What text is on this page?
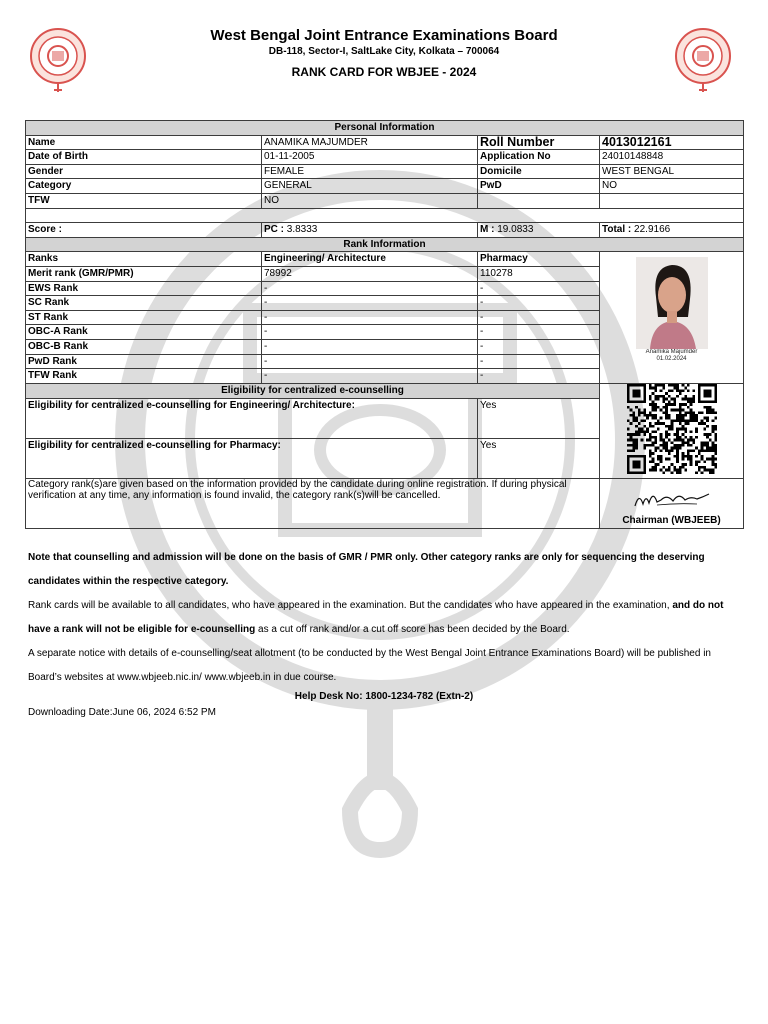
West Bengal Joint Entrance Examinations Board
DB-118, Sector-I, SaltLake City, Kolkata – 700064
RANK CARD FOR WBJEE - 2024
Personal Information			
Name	ANAMIKA MAJUMDER	Roll Number	4013012161
Date of Birth	01-11-2005	Application No	24010148848
Gender	FEMALE	Domicile	WEST BENGAL
Category	GENERAL	PwD	NO
TFW	NO		

Score :	PC : 3.8333	M : 19.0833	Total : 22.9166
Rank Information			
Ranks	Engineering/ Architecture	Pharmacy	Anamika Majumder
01.02.2024

Merit rank (GMR/PMR)	78992	110278	
EWS Rank	-	-	
SC Rank	-	-	
ST Rank	-	-	
OBC-A Rank	-	-	
OBC-B Rank	-	-	
PwD Rank	-	-	
TFW Rank	-	-	
Eligibility for centralized e-counselling	
Eligibility for centralized e-counselling for Engineering/ Architecture:		Yes	
Eligibility for centralized e-counselling for Pharmacy:		Yes	
Category rank(s)are given based on the information provided by the candidate during online registration. If during physical verification at any time, any information is found invalid, the category rank(s)will be cancelled.			Chairman (WBJEEB)
Note that counselling and admission will be done on the basis of GMR / PMR only. Other category ranks are only for sequencing the deserving candidates within the respective category.
Rank cards will be available to all candidates, who have appeared in the examination. But the candidates who have appeared in the examination, and do not have a rank will not be eligible for e-counselling as a cut off rank and/or a cut off score has been decided by the Board.
A separate notice with details of e-counselling/seat allotment (to be conducted by the West Bengal Joint Entrance Examinations Board) will be published in Board’s websites at www.wbjeeb.nic.in/ www.wbjeeb.in in due course.
Help Desk No: 1800-1234-782 (Extn-2)
Downloading Date:June 06, 2024 6:52 PM
